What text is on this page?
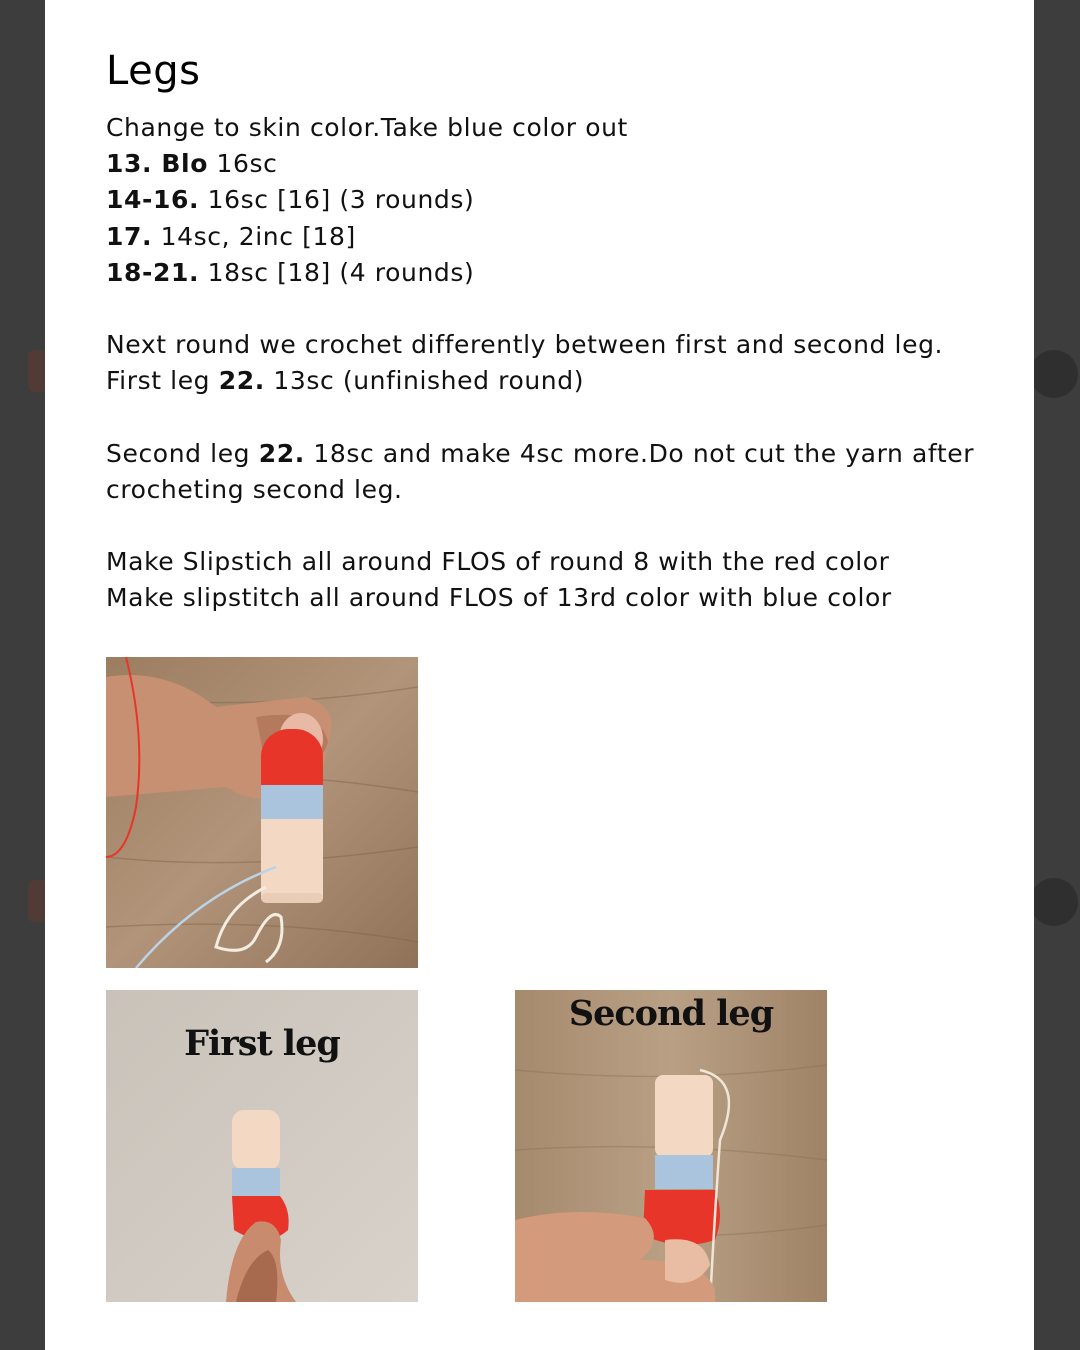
Legs
Change to skin color.Take blue color out
13. Blo 16sc
14-16. 16sc [16] (3 rounds)
17. 14sc, 2inc [18]
18-21. 18sc [18] (4 rounds)
Next round we crochet differently between first and second leg.
First leg 22. 13sc (unfinished round)
Second leg 22. 18sc and make 4sc more.Do not cut the yarn after
crocheting second leg.
Make Slipstich all around FLOS of round 8 with the red color
Make slipstitch all around FLOS of 13rd color with blue color
First leg
Second leg
